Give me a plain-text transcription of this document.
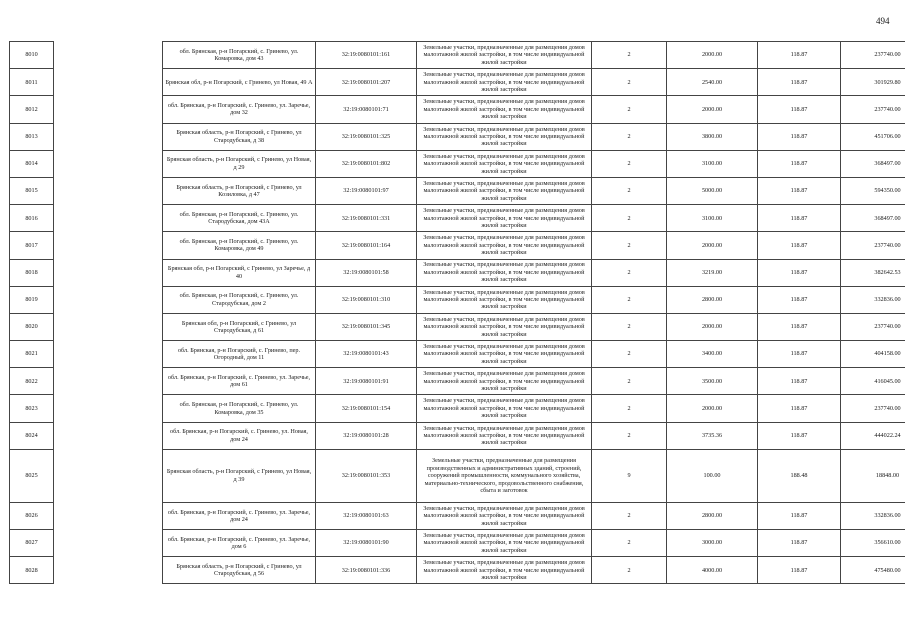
494
8010		обл. Брянская, р-н Погарский, с. Гринево, ул. Комаровка, дом 43	32:19:0080101:161	Земельные участки, предназначенные для размещения домов малоэтажной жилой застройки, в том числе индивидуальной жилой застройки	2	2000.00	118.87	237740.00
8011		Брянская обл, р-н Погарский, с Гринево, ул Новая, 49 А	32:19:0080101:207	Земельные участки, предназначенные для размещения домов малоэтажной жилой застройки, в том числе индивидуальной жилой застройки	2	2540.00	118.87	301929.80
8012		обл. Брянская, р-н Погарский, с. Гринево, ул. Заречье, дом 32	32:19:0080101:71	Земельные участки, предназначенные для размещения домов малоэтажной жилой застройки, в том числе индивидуальной жилой застройки	2	2000.00	118.87	237740.00
8013		Брянская область, р-н Погарский, с Гринево, ул Стародубская, д 38	32:19:0080101:325	Земельные участки, предназначенные для размещения домов малоэтажной жилой застройки, в том числе индивидуальной жилой застройки	2	3800.00	118.87	451706.00
8014		Брянская область, р-н Погарский, с Гринево, ул Новая, д 29	32:19:0080101:802	Земельные участки, предназначенные для размещения домов малоэтажной жилой застройки, в том числе индивидуальной жилой застройки	2	3100.00	118.87	368497.00
8015		Брянская область, р-н Погарский, с Гринево, ул Козиловка, д 47	32:19:0080101:97	Земельные участки, предназначенные для размещения домов малоэтажной жилой застройки, в том числе индивидуальной жилой застройки	2	5000.00	118.87	594350.00
8016		обл. Брянская, р-н Погарский, с. Гринево, ул. Стародубская, дом 43А	32:19:0080101:331	Земельные участки, предназначенные для размещения домов малоэтажной жилой застройки, в том числе индивидуальной жилой застройки	2	3100.00	118.87	368497.00
8017		обл. Брянская, р-н Погарский, с. Гринево, ул. Комаровка, дом 49	32:19:0080101:164	Земельные участки, предназначенные для размещения домов малоэтажной жилой застройки, в том числе индивидуальной жилой застройки	2	2000.00	118.87	237740.00
8018		Брянская обл, р-н Погарский, с Гринево, ул Заречье, д 40	32:19:0080101:58	Земельные участки, предназначенные для размещения домов малоэтажной жилой застройки, в том числе индивидуальной жилой застройки	2	3219.00	118.87	382642.53
8019		обл. Брянская, р-н Погарский, с. Гринево, ул. Стародубская, дом 2	32:19:0080101:310	Земельные участки, предназначенные для размещения домов малоэтажной жилой застройки, в том числе индивидуальной жилой застройки	2	2800.00	118.87	332836.00
8020		Брянская обл, р-н Погарский, с Гринево, ул Стародубская, д 61	32:19:0080101:345	Земельные участки, предназначенные для размещения домов малоэтажной жилой застройки, в том числе индивидуальной жилой застройки	2	2000.00	118.87	237740.00
8021		обл. Брянская, р-н Погарский, с. Гринево, пер. Огородный, дом 11	32:19:0080101:43	Земельные участки, предназначенные для размещения домов малоэтажной жилой застройки, в том числе индивидуальной жилой застройки	2	3400.00	118.87	404158.00
8022		обл. Брянская, р-н Погарский, с. Гринево, ул. Заречье, дом 61	32:19:0080101:91	Земельные участки, предназначенные для размещения домов малоэтажной жилой застройки, в том числе индивидуальной жилой застройки	2	3500.00	118.87	416045.00
8023		обл. Брянская, р-н Погарский, с. Гринево, ул. Комаровка, дом 35	32:19:0080101:154	Земельные участки, предназначенные для размещения домов малоэтажной жилой застройки, в том числе индивидуальной жилой застройки	2	2000.00	118.87	237740.00
8024		обл. Брянская, р-н Погарский, с. Гринево, ул. Новая, дом 24	32:19:0080101:28	Земельные участки, предназначенные для размещения домов малоэтажной жилой застройки, в том числе индивидуальной жилой застройки	2	3735.36	118.87	444022.24
8025		Брянская область, р-н Погарский, с Гринево, ул Новая, д 39	32:19:0080101:353	Земельные участки, предназначенные для размещения производственных и административных зданий, строений, сооружений промышленности, коммунального хозяйства, материально-технического, продовольственного снабжения, сбыта и заготовок	9	100.00	188.48	18848.00
8026		обл. Брянская, р-н Погарский, с. Гринево, ул. Заречье, дом 24	32:19:0080101:63	Земельные участки, предназначенные для размещения домов малоэтажной жилой застройки, в том числе индивидуальной жилой застройки	2	2800.00	118.87	332836.00
8027		обл. Брянская, р-н Погарский, с. Гринево, ул. Заречье, дом 6	32:19:0080101:90	Земельные участки, предназначенные для размещения домов малоэтажной жилой застройки, в том числе индивидуальной жилой застройки	2	3000.00	118.87	356610.00
8028		Брянская область, р-н Погарский, с Гринево, ул Стародубская, д 56	32:19:0080101:336	Земельные участки, предназначенные для размещения домов малоэтажной жилой застройки, в том числе индивидуальной жилой застройки	2	4000.00	118.87	475480.00
